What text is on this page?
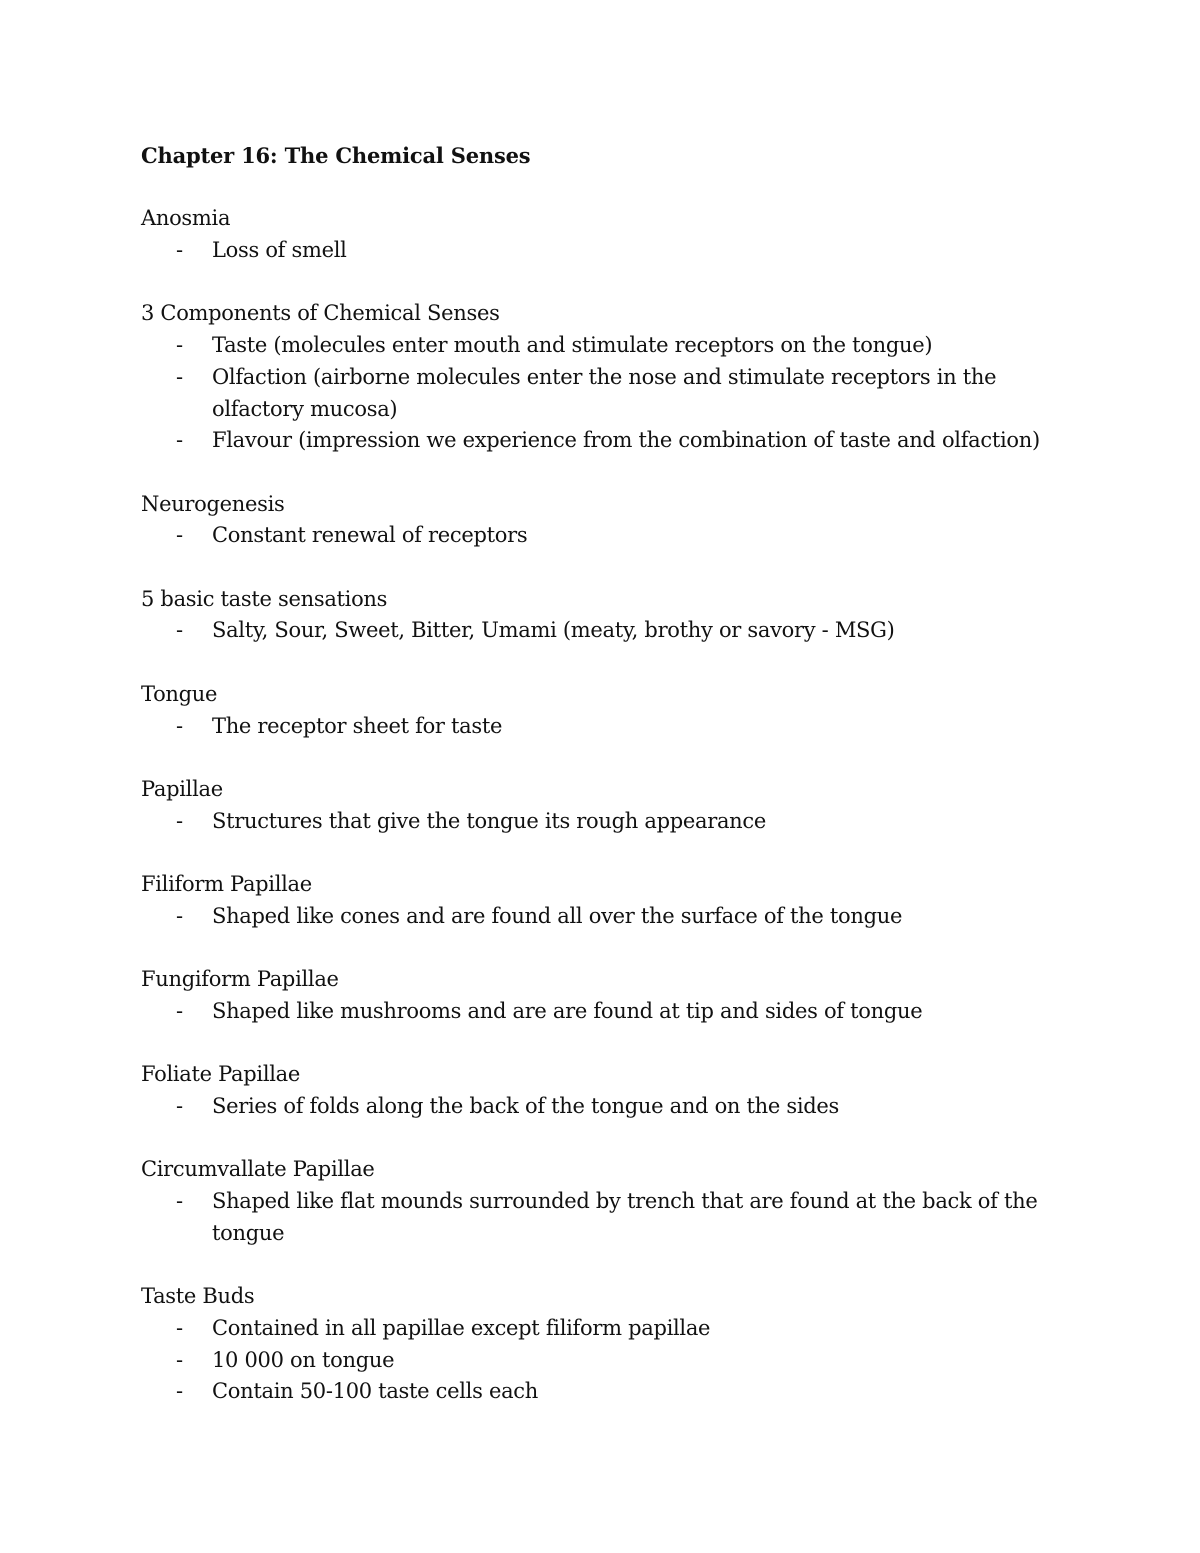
Chapter 16: The Chemical Senses
Anosmia
- Loss of smell
3 Components of Chemical Senses
- Taste (molecules enter mouth and stimulate receptors on the tongue)
- Olfaction (airborne molecules enter the nose and stimulate receptors in the olfactory mucosa)
- Flavour (impression we experience from the combination of taste and olfaction)
Neurogenesis
- Constant renewal of receptors
5 basic taste sensations
- Salty, Sour, Sweet, Bitter, Umami (meaty, brothy or savory - MSG)
Tongue
- The receptor sheet for taste
Papillae
- Structures that give the tongue its rough appearance
Filiform Papillae
- Shaped like cones and are found all over the surface of the tongue
Fungiform Papillae
- Shaped like mushrooms and are are found at tip and sides of tongue
Foliate Papillae
- Series of folds along the back of the tongue and on the sides
Circumvallate Papillae
- Shaped like flat mounds surrounded by trench that are found at the back of the tongue
Taste Buds
- Contained in all papillae except filiform papillae
- 10 000 on tongue
- Contain 50-100 taste cells each
